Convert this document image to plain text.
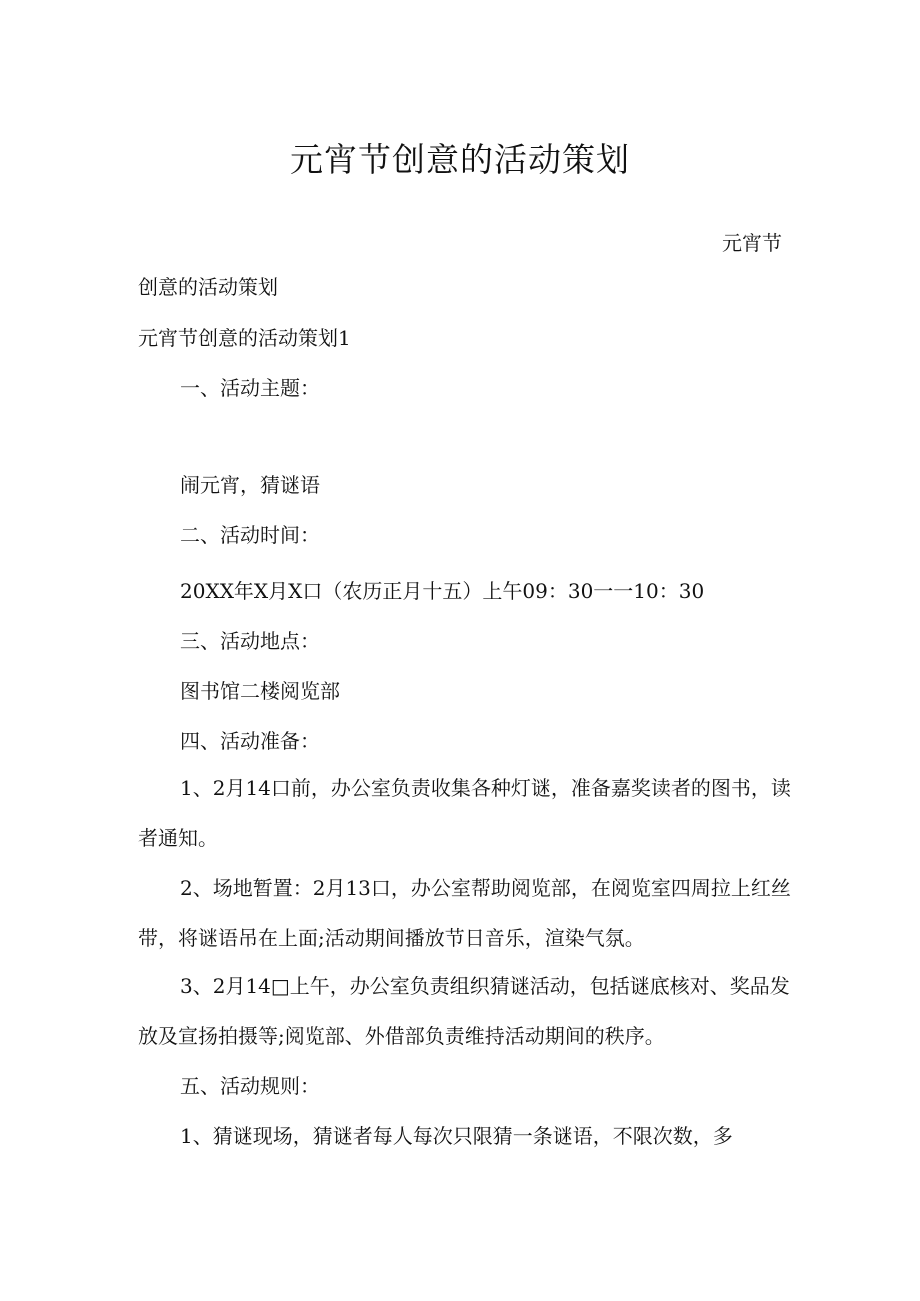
元宵节创意的活动策划
元宵节
创意的活动策划
元宵节创意的活动策划1
一、活动主题：
闹元宵，猜谜语
二、活动时间：
20XX年X月X口（农历正月十五）上午09：30一一10：30
三、活动地点：
图书馆二楼阅览部
四、活动准备：
1、2月14口前，办公室负责收集各种灯谜，准备嘉奖读者的图书，读
者通知。
2、场地暂置：2月13口，办公室帮助阅览部，在阅览室四周拉上红丝
带，将谜语吊在上面;活动期间播放节日音乐，渲染气氛。
3、2月14□上午，办公室负责组织猜谜活动，包括谜底核对、奖品发
放及宣扬拍摄等;阅览部、外借部负责维持活动期间的秩序。
五、活动规则：
1、猜谜现场，猜谜者每人每次只限猜一条谜语，不限次数，多
